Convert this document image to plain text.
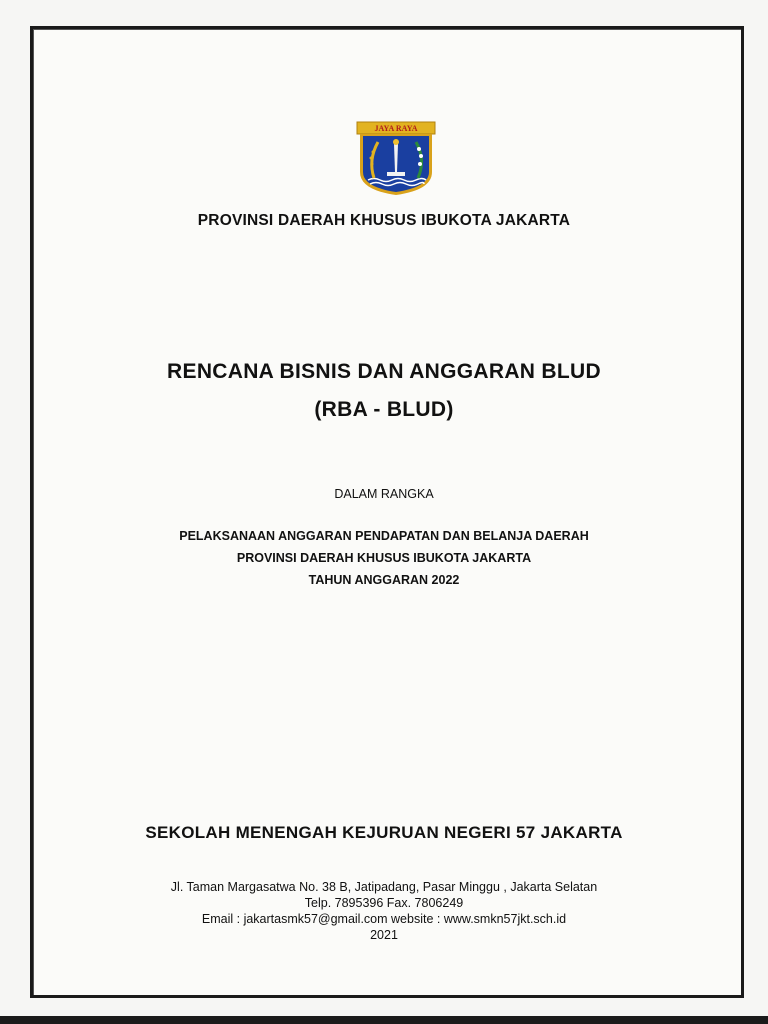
JAYA RAYA
PROVINSI DAERAH KHUSUS IBUKOTA JAKARTA
RENCANA BISNIS DAN ANGGARAN BLUD
(RBA - BLUD)
DALAM RANGKA
PELAKSANAAN ANGGARAN PENDAPATAN DAN BELANJA DAERAH
PROVINSI DAERAH KHUSUS IBUKOTA JAKARTA
TAHUN ANGGARAN 2022
SEKOLAH MENENGAH KEJURUAN NEGERI 57 JAKARTA
Jl. Taman Margasatwa No. 38 B, Jatipadang, Pasar Minggu , Jakarta Selatan
Telp. 7895396 Fax. 7806249
Email : jakartasmk57@gmail.com website : www.smkn57jkt.sch.id
2021
